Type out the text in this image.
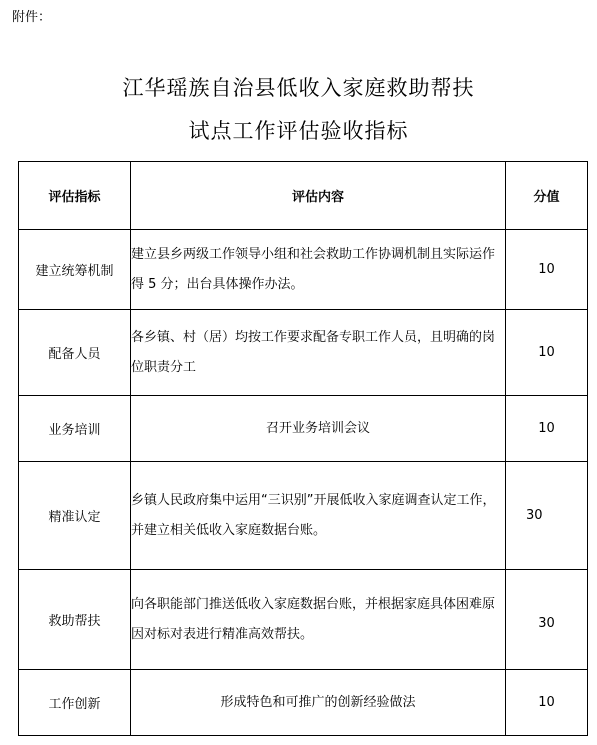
附件：
江华瑶族自治县低收入家庭救助帮扶
试点工作评估验收指标
评估指标	评估内容	分值
建立统筹机制	建立县乡两级工作领导小组和社会救助工作协调机制且实际运作得 5 分；出台具体操作办法。	10
配备人员	各乡镇、村（居）均按工作要求配备专职工作人员，且明确的岗位职责分工	10
业务培训	召开业务培训会议	10
精准认定	乡镇人民政府集中运用“三识别”开展低收入家庭调查认定工作，并建立相关低收入家庭数据台账。	30
救助帮扶	向各职能部门推送低收入家庭数据台账，并根据家庭具体困难原因对标对表进行精准高效帮扶。	30
工作创新	形成特色和可推广的创新经验做法	10
